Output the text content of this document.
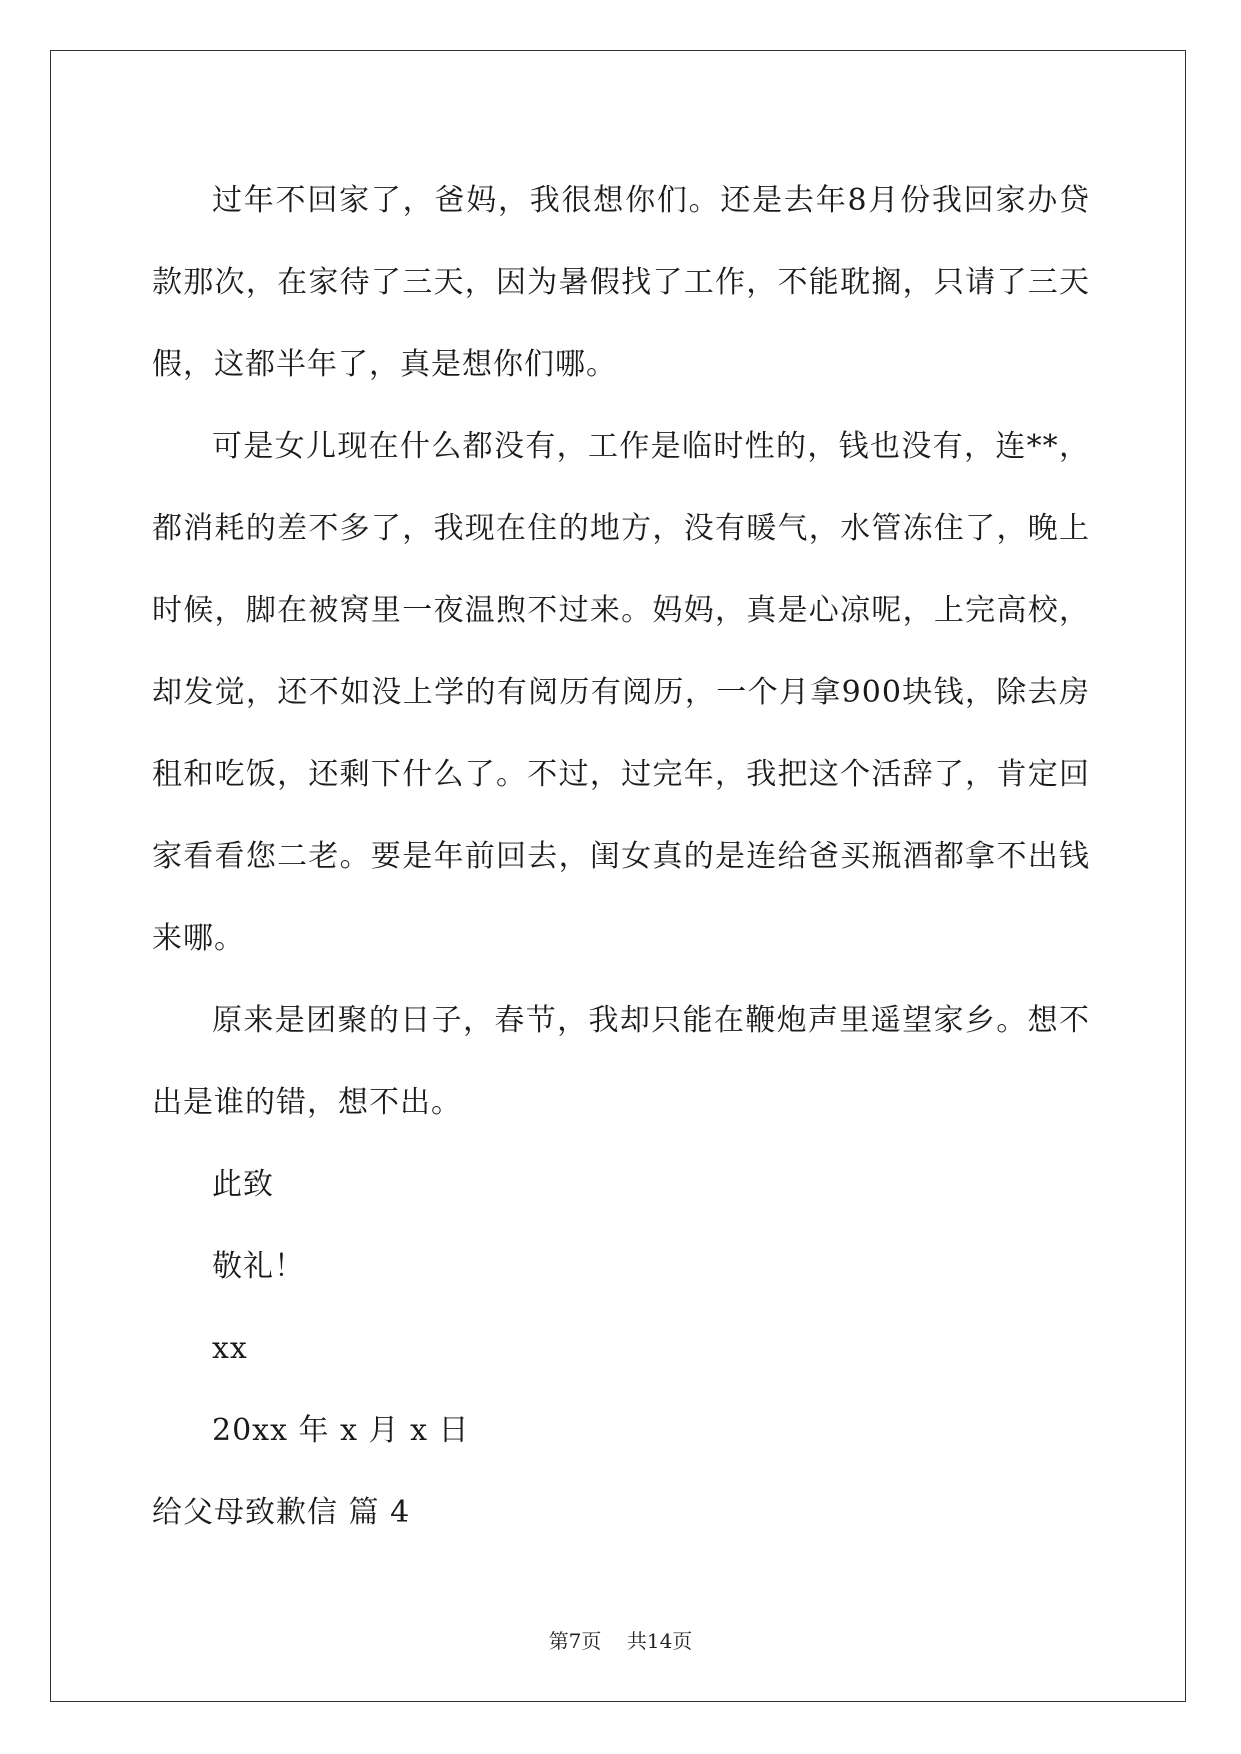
过年不回家了，爸妈，我很想你们。还是去年8月份我回家办贷款那次，在家待了三天，因为暑假找了工作，不能耽搁，只请了三天假，这都半年了，真是想你们哪。

可是女儿现在什么都没有，工作是临时性的，钱也没有，连**，都消耗的差不多了，我现在住的地方，没有暖气，水管冻住了，晚上时候，脚在被窝里一夜温煦不过来。妈妈，真是心凉呢，上完高校，却发觉，还不如没上学的有阅历有阅历，一个月拿900块钱，除去房租和吃饭，还剩下什么了。不过，过完年，我把这个活辞了，肯定回家看看您二老。要是年前回去，闺女真的是连给爸买瓶酒都拿不出钱来哪。

原来是团聚的日子，春节，我却只能在鞭炮声里遥望家乡。想不出是谁的错，想不出。

此致
敬礼！
xx
20xx 年 x 月 x 日
给父母致歉信 篇 4
第7页 共14页
